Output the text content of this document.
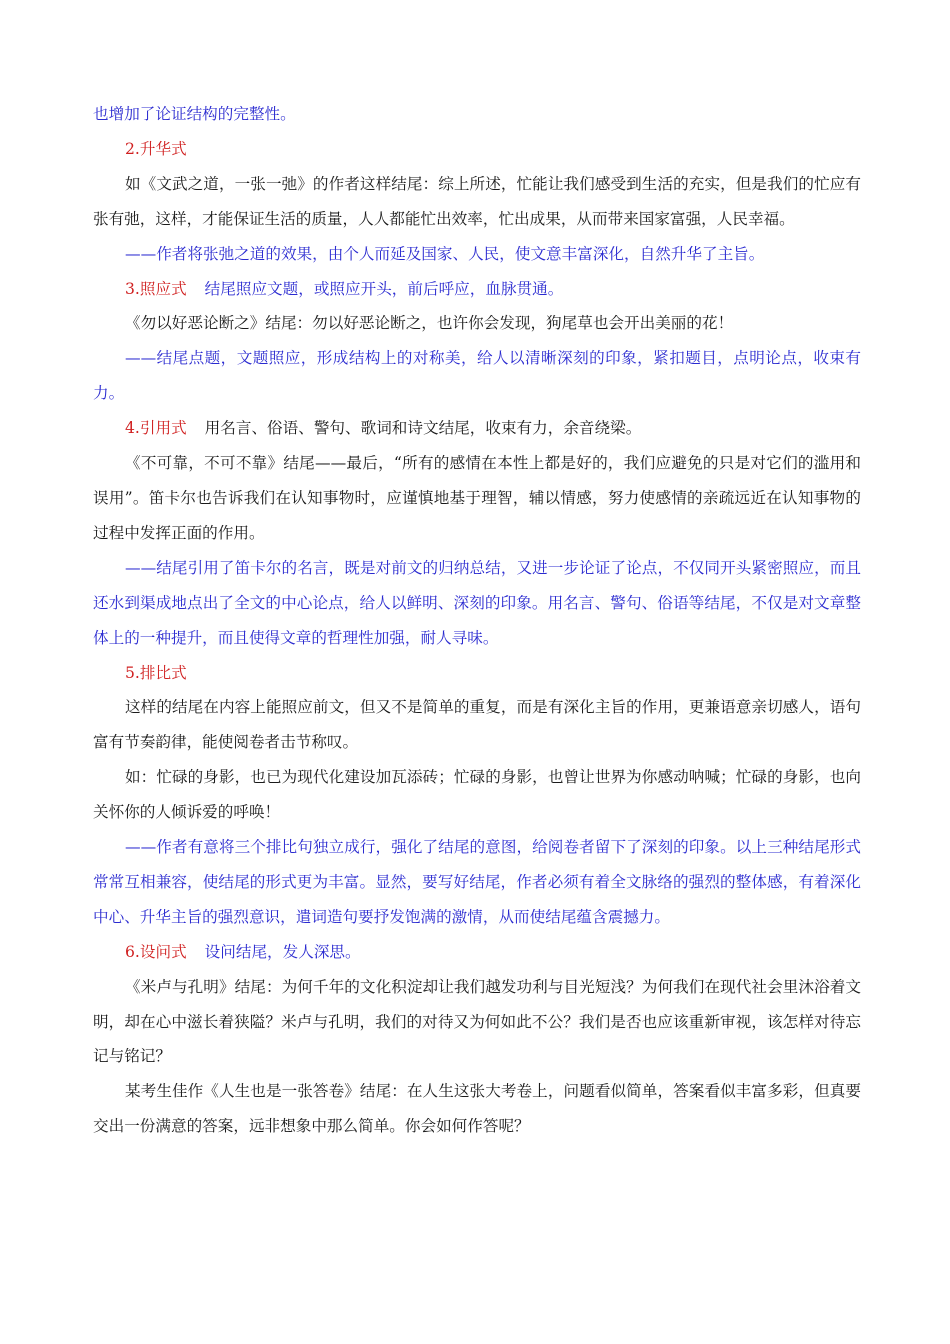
也增加了论证结构的完整性。

2.升华式

如《文武之道，一张一弛》的作者这样结尾：综上所述，忙能让我们感受到生活的充实，但是我们的忙应有张有弛，这样，才能保证生活的质量，人人都能忙出效率，忙出成果，从而带来国家富强，人民幸福。

——作者将张弛之道的效果，由个人而延及国家、人民，使文意丰富深化，自然升华了主旨。

3.照应式 结尾照应文题，或照应开头，前后呼应，血脉贯通。

《勿以好恶论断之》结尾：勿以好恶论断之，也许你会发现，狗尾草也会开出美丽的花！

——结尾点题，文题照应，形成结构上的对称美，给人以清晰深刻的印象，紧扣题目，点明论点，收束有力。

4.引用式 用名言、俗语、警句、歌词和诗文结尾，收束有力，余音绕梁。

《不可靠，不可不靠》结尾——最后，“所有的感情在本性上都是好的，我们应避免的只是对它们的滥用和误用”。笛卡尔也告诉我们在认知事物时，应谨慎地基于理智，辅以情感，努力使感情的亲疏远近在认知事物的过程中发挥正面的作用。

——结尾引用了笛卡尔的名言，既是对前文的归纳总结，又进一步论证了论点，不仅同开头紧密照应，而且还水到渠成地点出了全文的中心论点，给人以鲜明、深刻的印象。用名言、警句、俗语等结尾，不仅是对文章整体上的一种提升，而且使得文章的哲理性加强，耐人寻味。

5.排比式

这样的结尾在内容上能照应前文，但又不是简单的重复，而是有深化主旨的作用，更兼语意亲切感人，语句富有节奏韵律，能使阅卷者击节称叹。

如：忙碌的身影，也已为现代化建设加瓦添砖；忙碌的身影，也曾让世界为你感动呐喊；忙碌的身影，也向关怀你的人倾诉爱的呼唤！

——作者有意将三个排比句独立成行，强化了结尾的意图，给阅卷者留下了深刻的印象。以上三种结尾形式常常互相兼容，使结尾的形式更为丰富。显然，要写好结尾，作者必须有着全文脉络的强烈的整体感，有着深化中心、升华主旨的强烈意识，遣词造句要抒发饱满的激情，从而使结尾蕴含震撼力。

6.设问式 设问结尾，发人深思。

《米卢与孔明》结尾：为何千年的文化积淀却让我们越发功利与目光短浅？为何我们在现代社会里沐浴着文明，却在心中滋长着狭隘？米卢与孔明，我们的对待又为何如此不公？我们是否也应该重新审视，该怎样对待忘记与铭记？

某考生佳作《人生也是一张答卷》结尾：在人生这张大考卷上，问题看似简单，答案看似丰富多彩，但真要交出一份满意的答案，远非想象中那么简单。你会如何作答呢？
